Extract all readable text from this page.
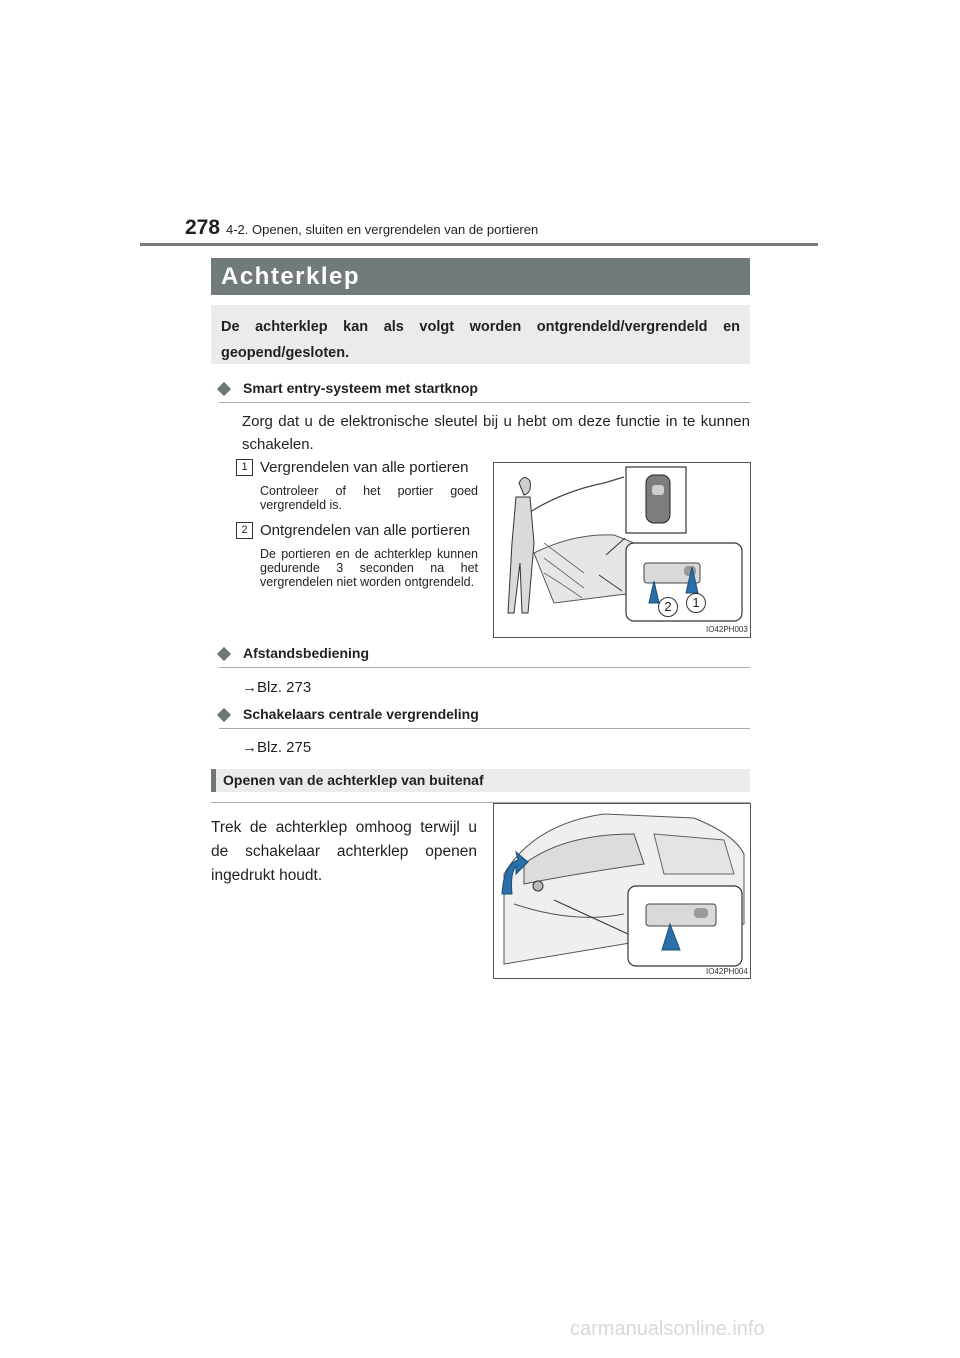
278 4-2. Openen, sluiten en vergrendelen van de portieren
Achterklep

De achterklep kan als volgt worden ontgrendeld/vergrendeld en geopend/gesloten.

Smart entry-systeem met startknop
Zorg dat u de elektronische sleutel bij u hebt om deze functie in te kunnen schakelen.
1 Vergrendelen van alle portieren
Controleer of het portier goed vergrendeld is.
2 Ontgrendelen van alle portieren
De portieren en de achterklep kunnen gedurende 3 seconden na het vergrendelen niet worden ontgrendeld.
2	1
IO42PH003
Afstandsbediening
→Blz. 273
Schakelaars centrale vergrendeling
→Blz. 275
Openen van de achterklep van buitenaf
Trek de achterklep omhoog terwijl u de schakelaar achterklep openen ingedrukt houdt.
IO42PH004
carmanualsonline.info
